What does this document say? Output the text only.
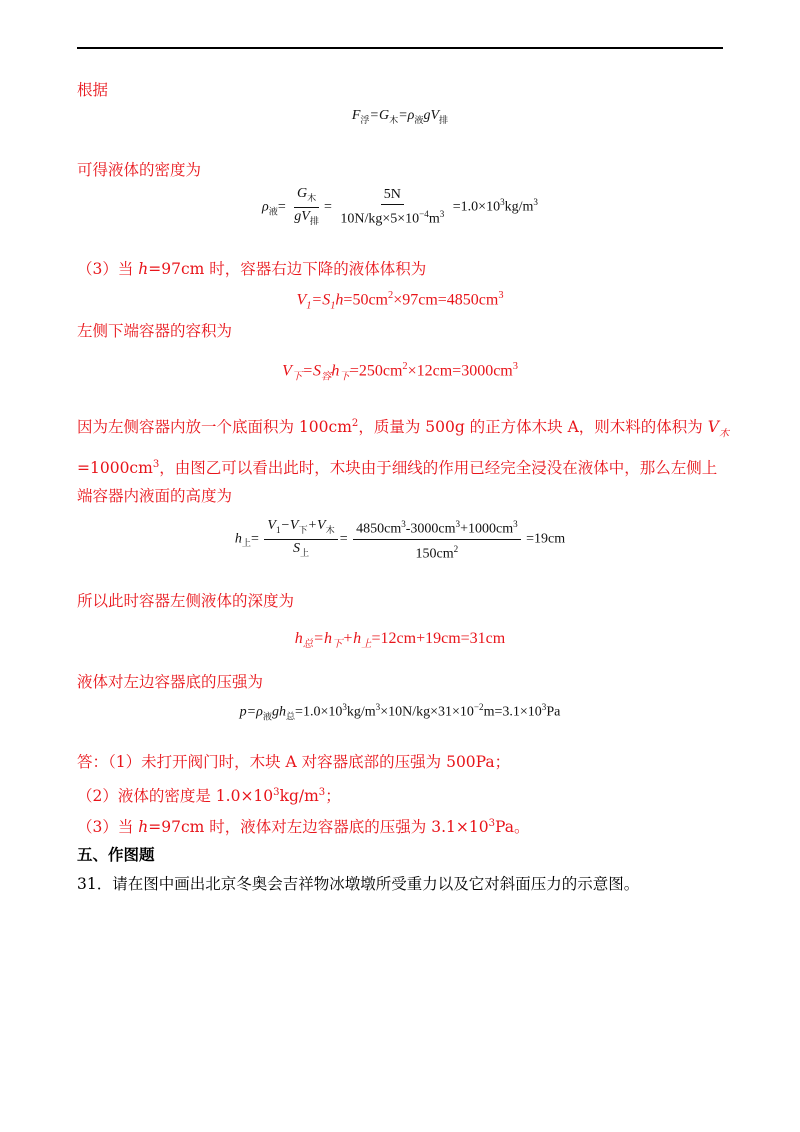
根据
$F_浮=G_木=\rho_液gV_排$
可得液体的密度为
$\rho_液= \frac{G_木}{gV_排} = \frac{5N}{10N/kg\times 5\times 10^{-4}m^3} =1.0\times 10^3kg/m^3$
（3）当 h=97cm 时，容器右边下降的液体体积为
$V_1=S_1h=50cm^2\times 97cm=4850cm^3$
左侧下端容器的容积为
$V_下=S_容h_下=250cm^2\times 12cm=3000cm^3$
因为左侧容器内放一个底面积为 $100cm^2$，质量为 500g 的正方体木块 A，则木料的体积为 $V_木$
$=1000cm^3$，由图乙可以看出此时，木块由于细线的作用已经完全浸没在液体中，那么左侧上
端容器内液面的高度为
$h_上= \frac{V_1-V_下+V_木}{S_上} = \frac{4850cm^3-3000cm^3+1000cm^3}{150cm^2} =19cm$
所以此时容器左侧液体的深度为
$h_总=h_下+h_上=12cm+19cm=31cm$
液体对左边容器底的压强为
$p=\rho_液gh_总=1.0\times 10^3kg/m^3\times 10N/kg\times 31\times 10^{-2}m=3.1\times 10^3Pa$
答：（1）未打开阀门时，木块 A 对容器底部的压强为 500Pa；
（2）液体的密度是 $1.0\times 10^3kg/m^3$；
（3）当 h=97cm 时，液体对左边容器底的压强为 $3.1\times 10^3Pa$。
五、作图题
31．请在图中画出北京冬奥会吉祥物冰墩墩所受重力以及它对斜面压力的示意图。
